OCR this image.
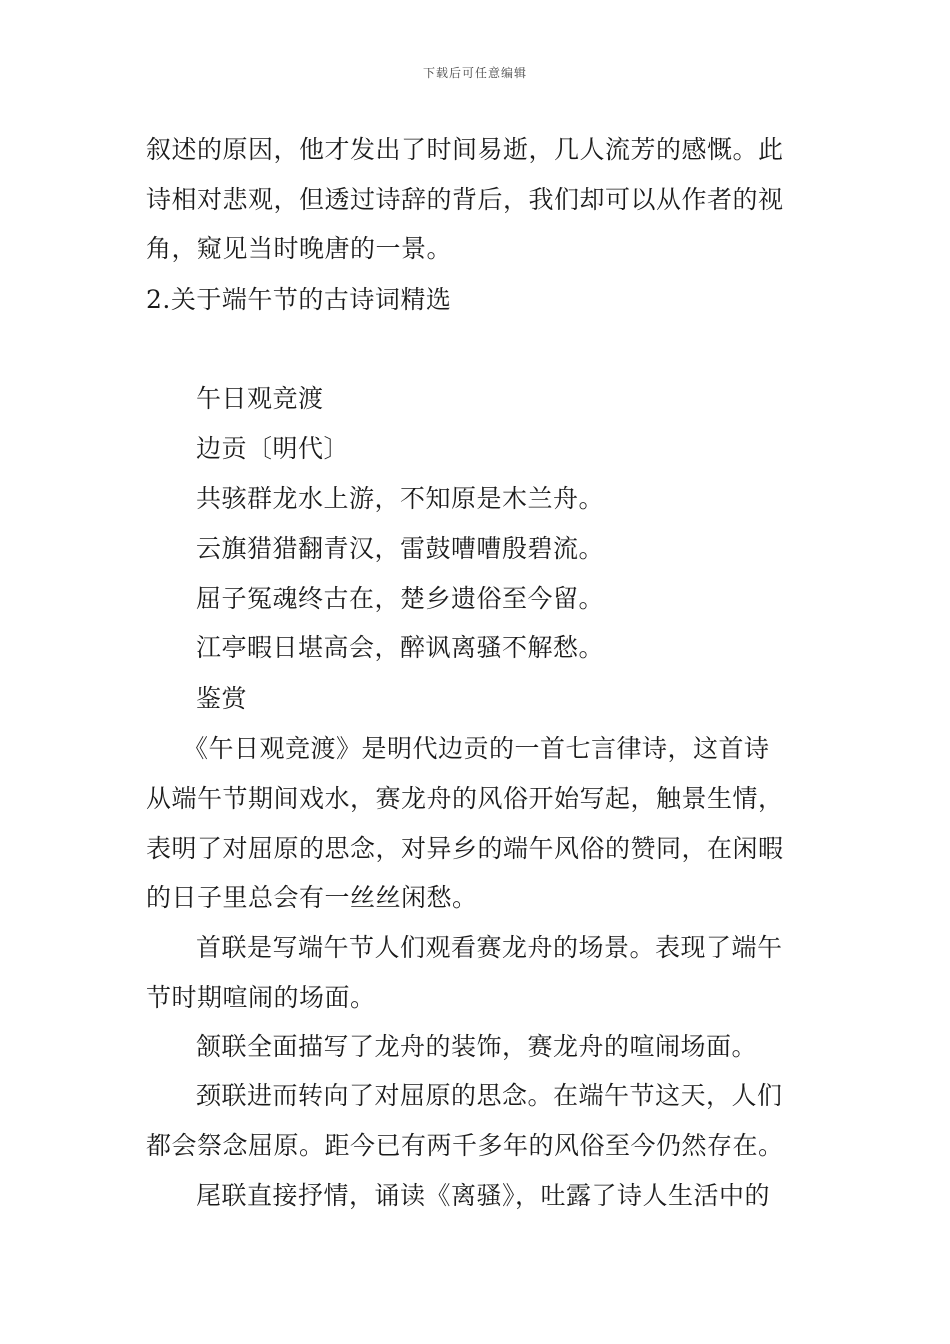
下载后可任意编辑
叙述的原因，他才发出了时间易逝，几人流芳的感慨。此
诗相对悲观，但透过诗辞的背后，我们却可以从作者的视
角，窥见当时晚唐的一景。
2.关于端午节的古诗词精选
午日观竞渡
边贡〔明代〕
共骇群龙水上游，不知原是木兰舟。
云旗猎猎翻青汉，雷鼓嘈嘈殷碧流。
屈子冤魂终古在，楚乡遗俗至今留。
江亭暇日堪高会，醉讽离骚不解愁。
鉴赏
《午日观竞渡》是明代边贡的一首七言律诗，这首诗
从端午节期间戏水，赛龙舟的风俗开始写起，触景生情，
表明了对屈原的思念，对异乡的端午风俗的赞同，在闲暇
的日子里总会有一丝丝闲愁。
首联是写端午节人们观看赛龙舟的场景。表现了端午
节时期喧闹的场面。
颔联全面描写了龙舟的装饰，赛龙舟的喧闹场面。
颈联进而转向了对屈原的思念。在端午节这天，人们
都会祭念屈原。距今已有两千多年的风俗至今仍然存在。
尾联直接抒情，诵读《离骚》，吐露了诗人生活中的
